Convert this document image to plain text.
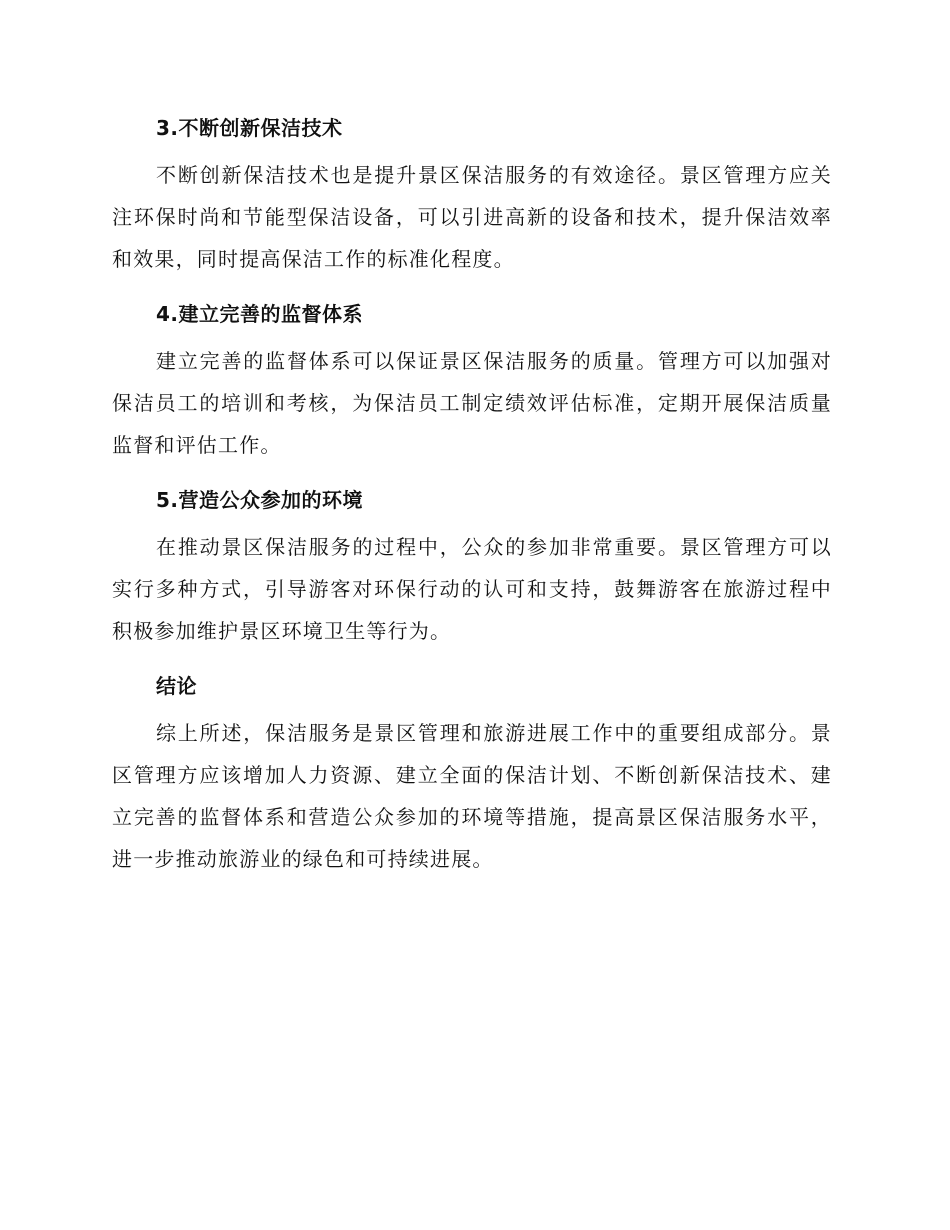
3.不断创新保洁技术

不断创新保洁技术也是提升景区保洁服务的有效途径。景区管理方应关注环保时尚和节能型保洁设备，可以引进高新的设备和技术，提升保洁效率和效果，同时提高保洁工作的标准化程度。

4.建立完善的监督体系

建立完善的监督体系可以保证景区保洁服务的质量。管理方可以加强对保洁员工的培训和考核，为保洁员工制定绩效评估标准，定期开展保洁质量监督和评估工作。

5.营造公众参加的环境

在推动景区保洁服务的过程中，公众的参加非常重要。景区管理方可以实行多种方式，引导游客对环保行动的认可和支持，鼓舞游客在旅游过程中积极参加维护景区环境卫生等行为。

结论

综上所述，保洁服务是景区管理和旅游进展工作中的重要组成部分。景区管理方应该增加人力资源、建立全面的保洁计划、不断创新保洁技术、建立完善的监督体系和营造公众参加的环境等措施，提高景区保洁服务水平，进一步推动旅游业的绿色和可持续进展。
